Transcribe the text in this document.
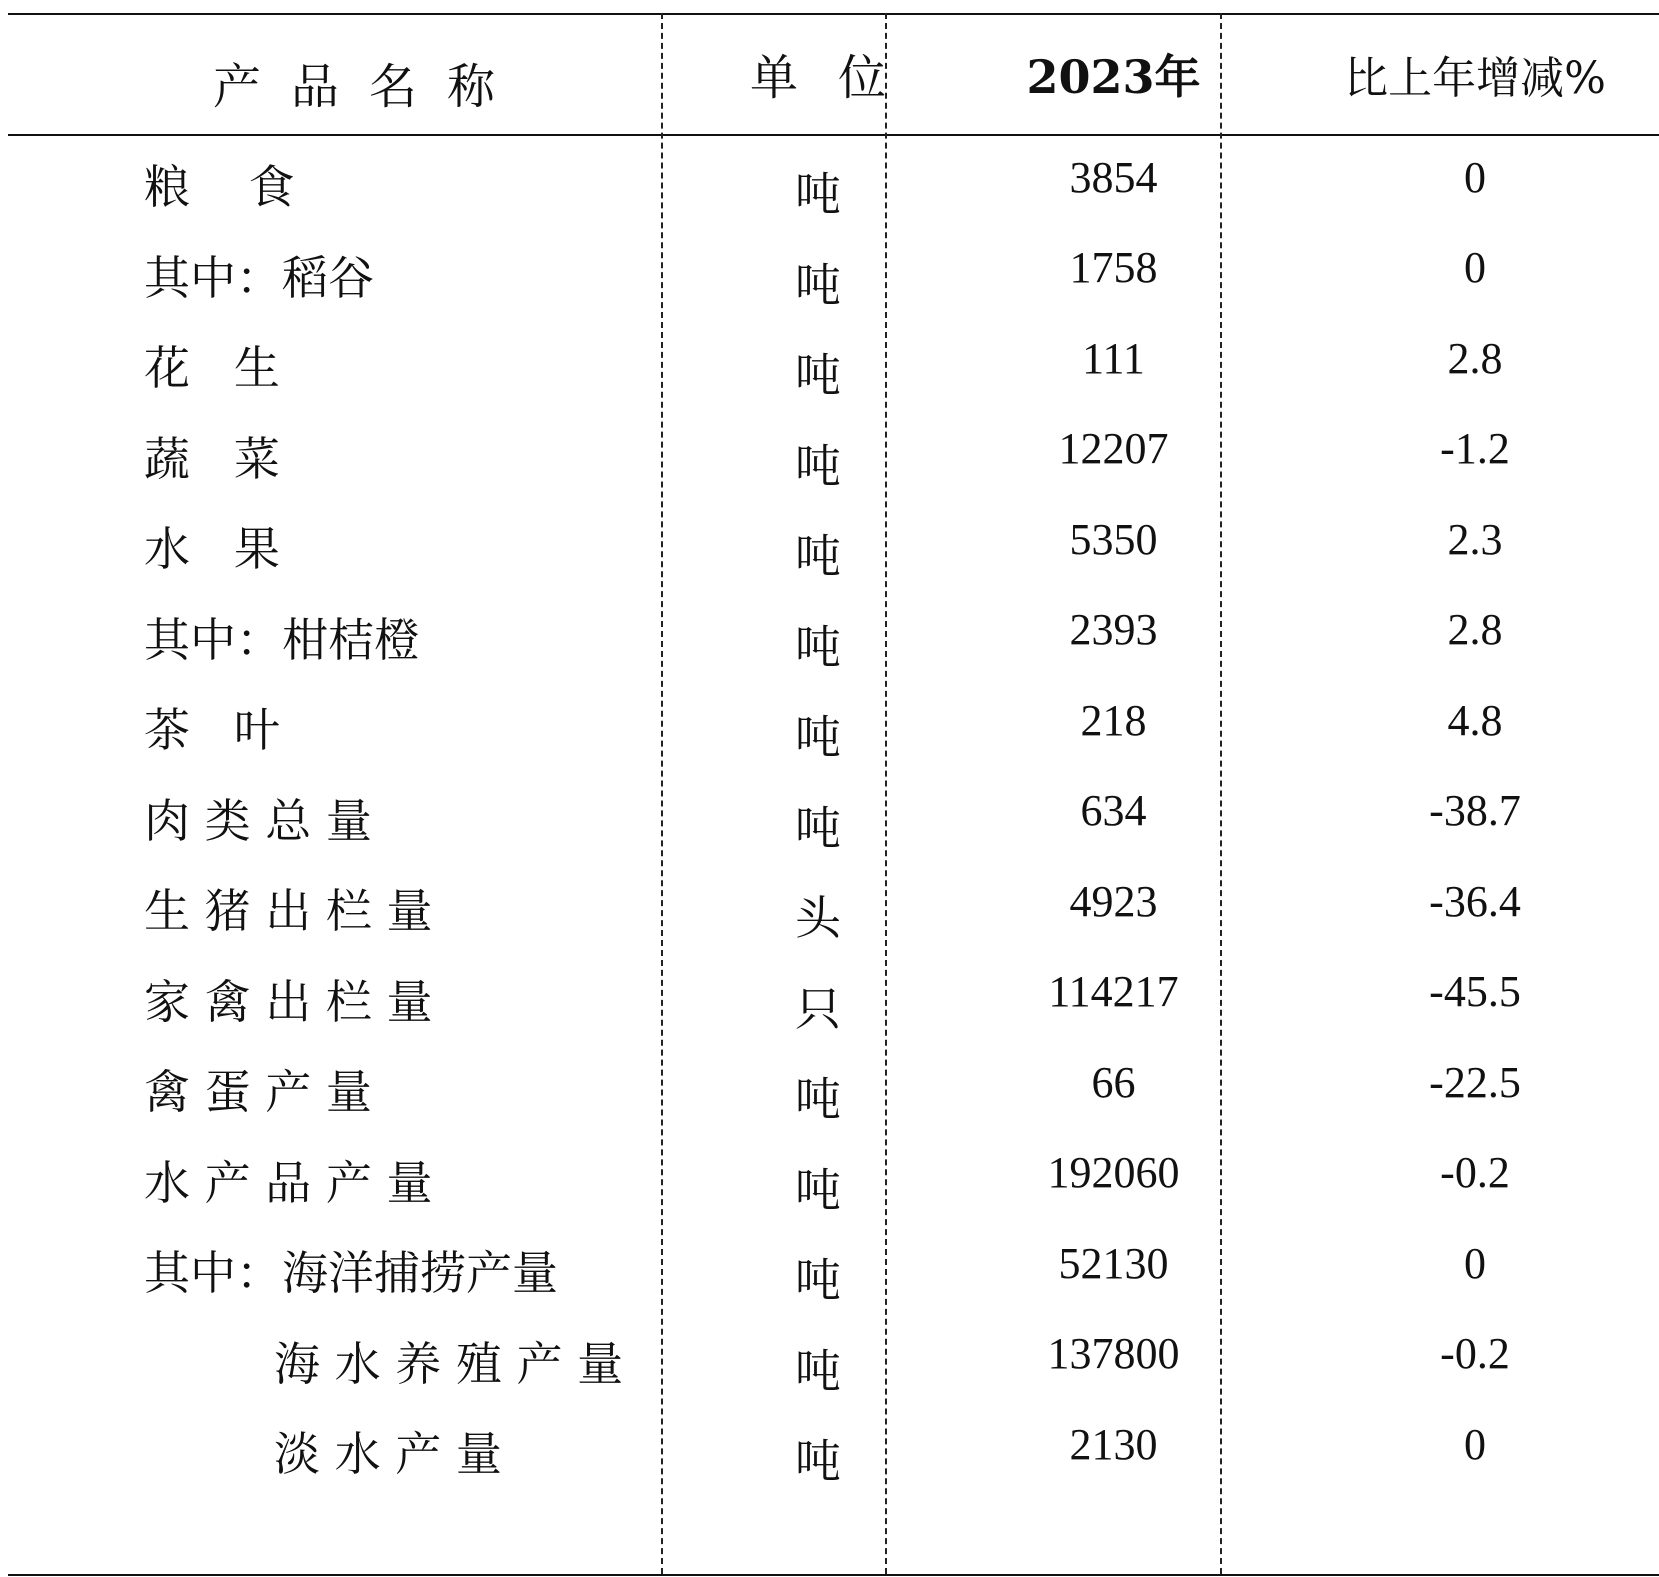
产品名称	单位	2023年	比上年增减%
粮    食	吨	3854	0
其中：稻谷	吨	1758	0
花   生	吨	111	2.8
蔬   菜	吨	12207	-1.2
水   果	吨	5350	2.3
其中：柑桔橙	吨	2393	2.8
茶   叶	吨	218	4.8
肉 类 总 量	吨	634	-38.7
生 猪 出 栏 量	头	4923	-36.4
家 禽 出 栏 量	只	114217	-45.5
禽 蛋 产 量	吨	66	-22.5
水 产 品 产 量	吨	192060	-0.2
其中：海洋捕捞产量	吨	52130	0
海 水 养 殖 产 量	吨	137800	-0.2
淡 水 产 量	吨	2130	0
